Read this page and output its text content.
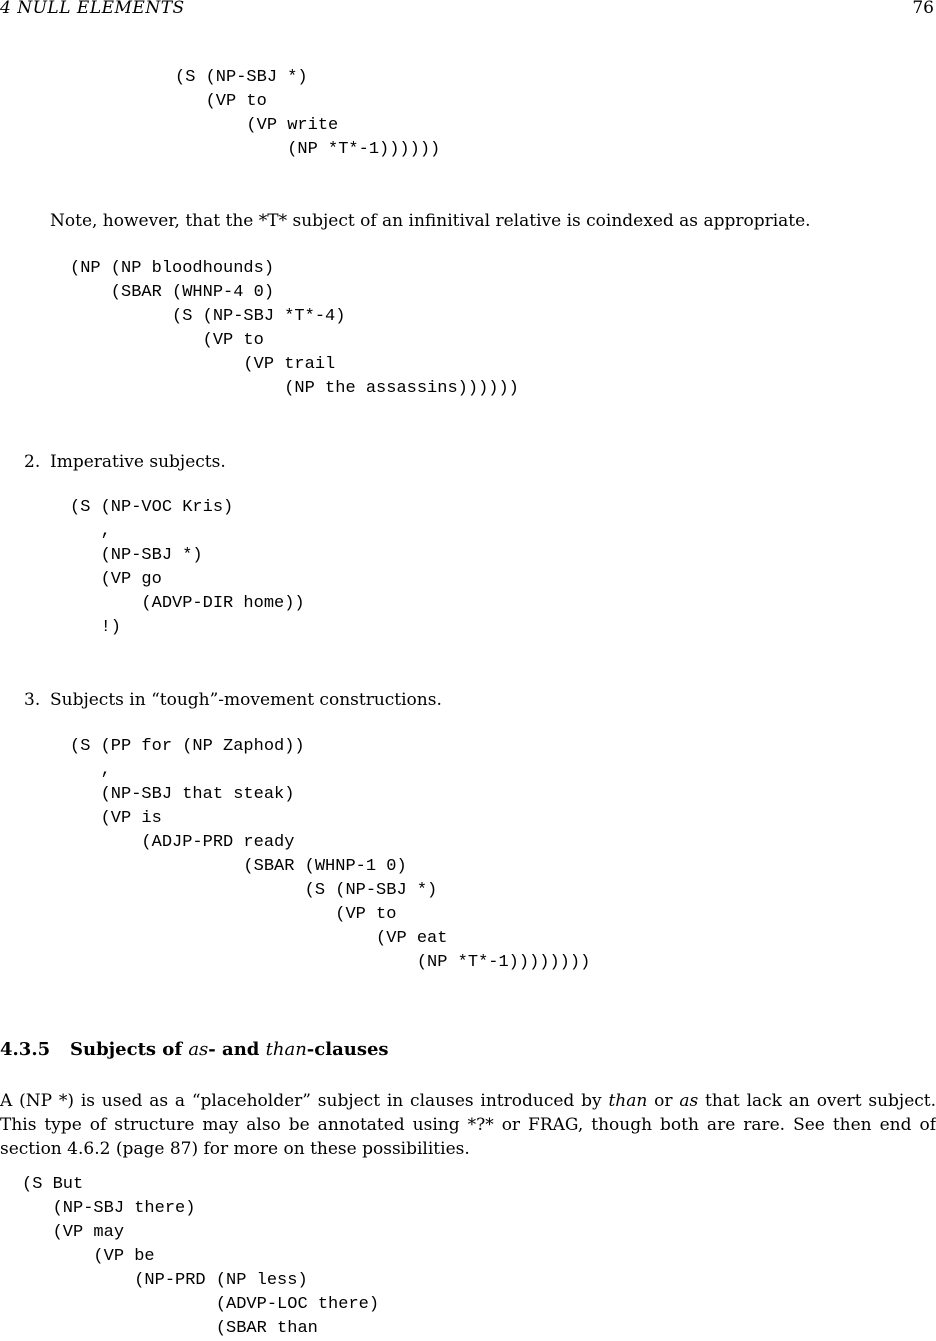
4 NULL ELEMENTS	76
(S (NP-SBJ *)
(VP to
(VP write
(NP *T*-1))))))

Note, however, that the *T* subject of an infinitival relative is coindexed as appropriate.

(NP (NP bloodhounds)
(SBAR (WHNP-4 0)
(S (NP-SBJ *T*-4)
(VP to
(VP trail
(NP the assassins))))))

2. Imperative subjects.

(S (NP-VOC Kris)
,
(NP-SBJ *)
(VP go
(ADVP-DIR home))
!)

3. Subjects in “tough”-movement constructions.

(S (PP for (NP Zaphod))
,
(NP-SBJ that steak)
(VP is
(ADJP-PRD ready
(SBAR (WHNP-1 0)
(S (NP-SBJ *)
(VP to
(VP eat
(NP *T*-1))))))))
4.3.5 Subjects of as- and than-clauses

A (NP *) is used as a “placeholder” subject in clauses introduced by than or as that lack an overt subject. This type of structure may also be annotated using *?* or FRAG, though both are rare. See then end of section 4.6.2 (page 87) for more on these possibilities.

(S But
(NP-SBJ there)
(VP may
(VP be
(NP-PRD (NP less)
(ADVP-LOC there)
(SBAR than
